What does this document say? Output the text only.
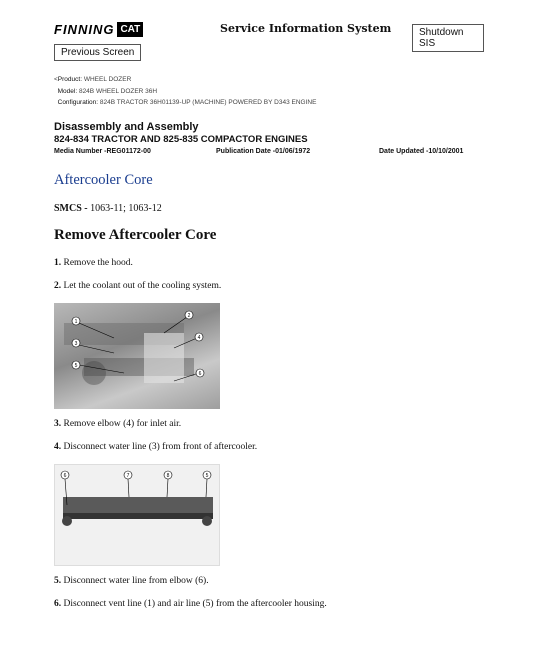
FINNING CAT	Service Information System	Shutdown SIS
Previous Screen
<Product: WHEEL DOZER
Model: 824B WHEEL DOZER 36H
Configuration: 824B TRACTOR 36H01139-UP (MACHINE) POWERED BY D343 ENGINE
Disassembly and Assembly
824-834 TRACTOR AND 825-835 COMPACTOR ENGINES
Media Number -REG01172-00	Publication Date -01/06/1972	Date Updated -10/10/2001
Aftercooler Core
SMCS - 1063-11; 1063-12
Remove Aftercooler Core
1. Remove the hood.
2. Let the coolant out of the cooling system.
1
2
3
4
5
6
3. Remove elbow (4) for inlet air.
4. Disconnect water line (3) from front of aftercooler.
6	7	8	5
5. Disconnect water line from elbow (6).
6. Disconnect vent line (1) and air line (5) from the aftercooler housing.
